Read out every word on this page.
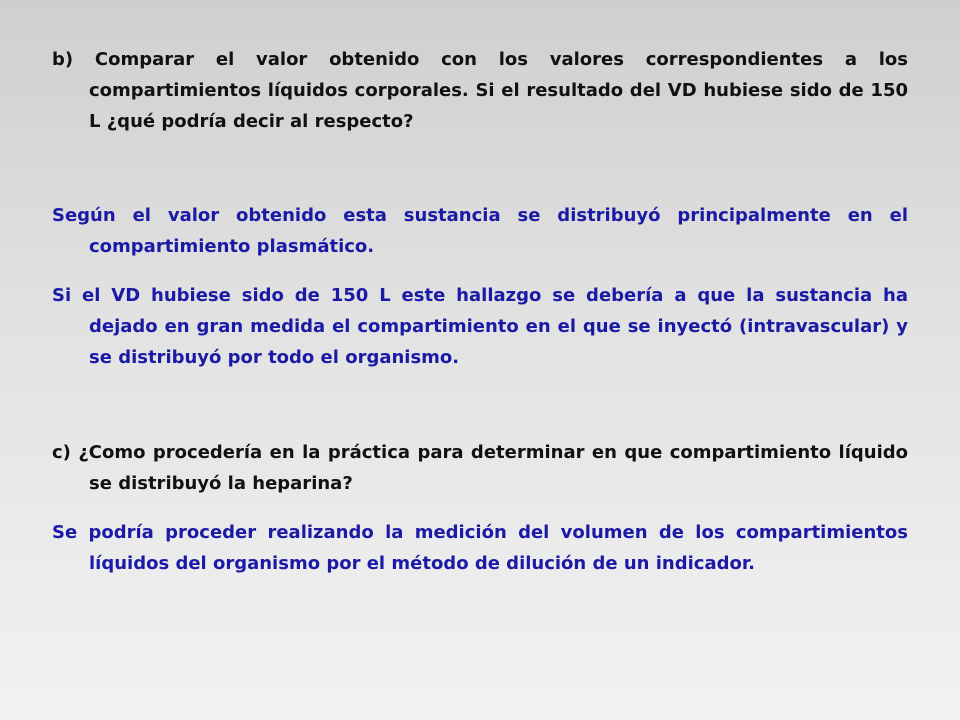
b) Comparar el valor obtenido con los valores correspondientes a los compartimientos líquidos corporales. Si el resultado del VD hubiese sido de 150 L ¿qué podría decir al respecto?

Según el valor obtenido esta sustancia se distribuyó principalmente en el compartimiento plasmático.

Si el VD hubiese sido de 150 L este hallazgo se debería a que la sustancia ha dejado en gran medida el compartimiento en el que se inyectó (intravascular) y se distribuyó por todo el organismo.

c) ¿Como procedería en la práctica para determinar en que compartimiento líquido se distribuyó la heparina?

Se podría proceder realizando la medición del volumen de los compartimientos líquidos del organismo por el método de dilución de un indicador.
